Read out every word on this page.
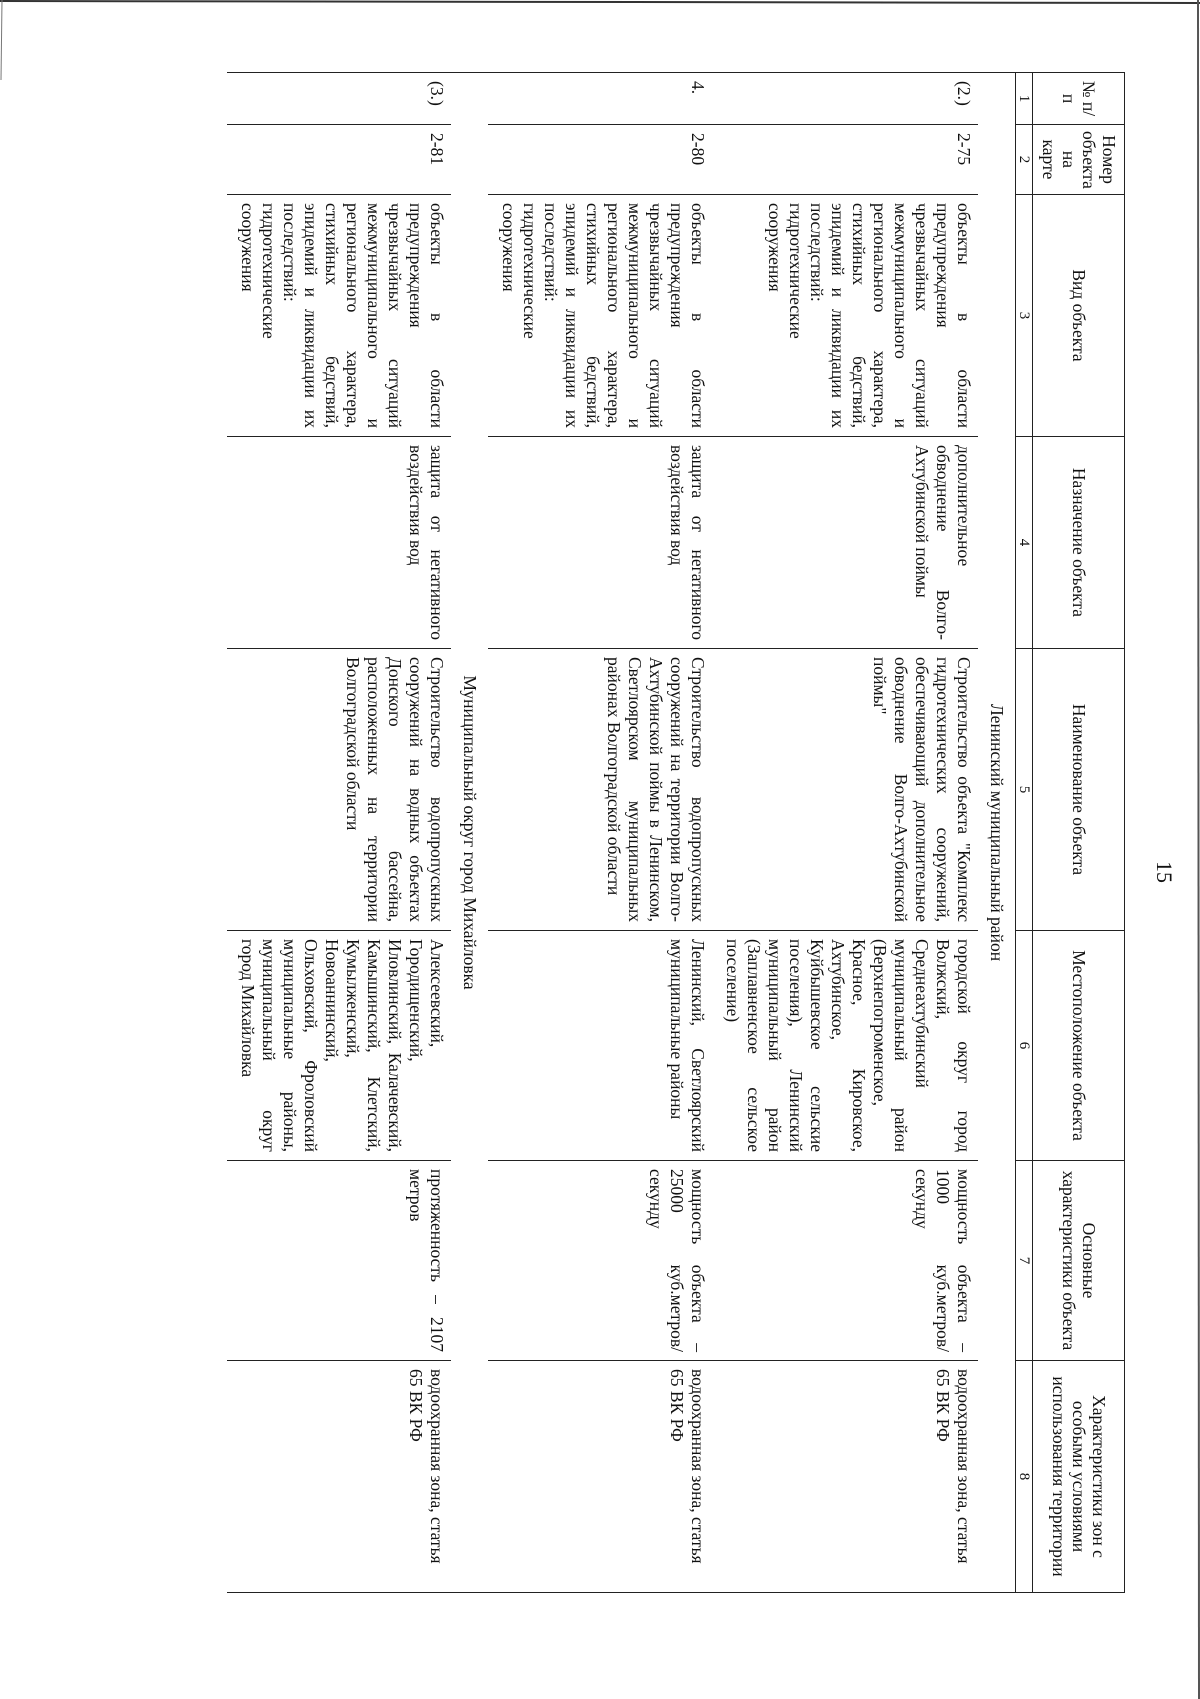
15
№ п/п	Номер объекта на карте	Вид объекта	Назначение объекта	Наименование объекта	Местоположение объекта	Основные характеристики объекта	Характеристики зон с особыми условиями использования территории
1	2	3	4	5	6	7	8
Ленинский муниципальный район							
(2.)	2-75	объекты в области предупреждения чрезвычайных ситуаций межмуниципального и регионального характера, стихийных бедствий, эпидемий и ликвидации их последствий: гидротехнические сооружения	дополнительное обводнение Волго-Ахтубинской поймы	Строительство объекта "Комплекс гидротехнических сооружений, обеспечивающий дополнительное обводнение Волго-Ахтубинской поймы"	городской округ город Волжский, Среднеахтубинский муниципальный район (Верхнепогроменское, Красное, Кировское, Ахтубинское, Куйбышевское сельские поселения), Ленинский муниципальный район (Заплавненское сельское поселение)	мощность объекта – 1000 куб.метров/секунду	водоохранная зона, статья 65 ВК РФ
4.	2-80	объекты в области предупреждения чрезвычайных ситуаций межмуниципального и регионального характера, стихийных бедствий, эпидемий и ликвидации их последствий: гидротехнические сооружения	защита от негативного воздействия вод	Строительство водопропускных сооружений на территории Волго-Ахтубинской поймы в Ленинском, Светлоярском муниципальных районах Волгоградской области	Ленинский, Светлоярский муниципальные районы	мощность объекта – 25000 куб.метров/секунду	водоохранная зона, статья 65 ВК РФ
Муниципальный округ город Михайловка							
(3.)	2-81	объекты в области предупреждения чрезвычайных ситуаций межмуниципального и регионального характера, стихийных бедствий, эпидемий и ликвидации их последствий: гидротехнические сооружения	защита от негативного воздействия вод	Строительство водопропускных сооружений на водных объектах Донского бассейна, расположенных на территории Волгоградской области	Алексеевский, Городищенский, Иловлинский, Калачевский, Камышинский, Клетский, Кумылженский, Новоаннинский, Ольховский, Фроловский муниципальные районы, муниципальный округ город Михайловка	протяженность – 2107 метров	водоохранная зона, статья 65 ВК РФ
